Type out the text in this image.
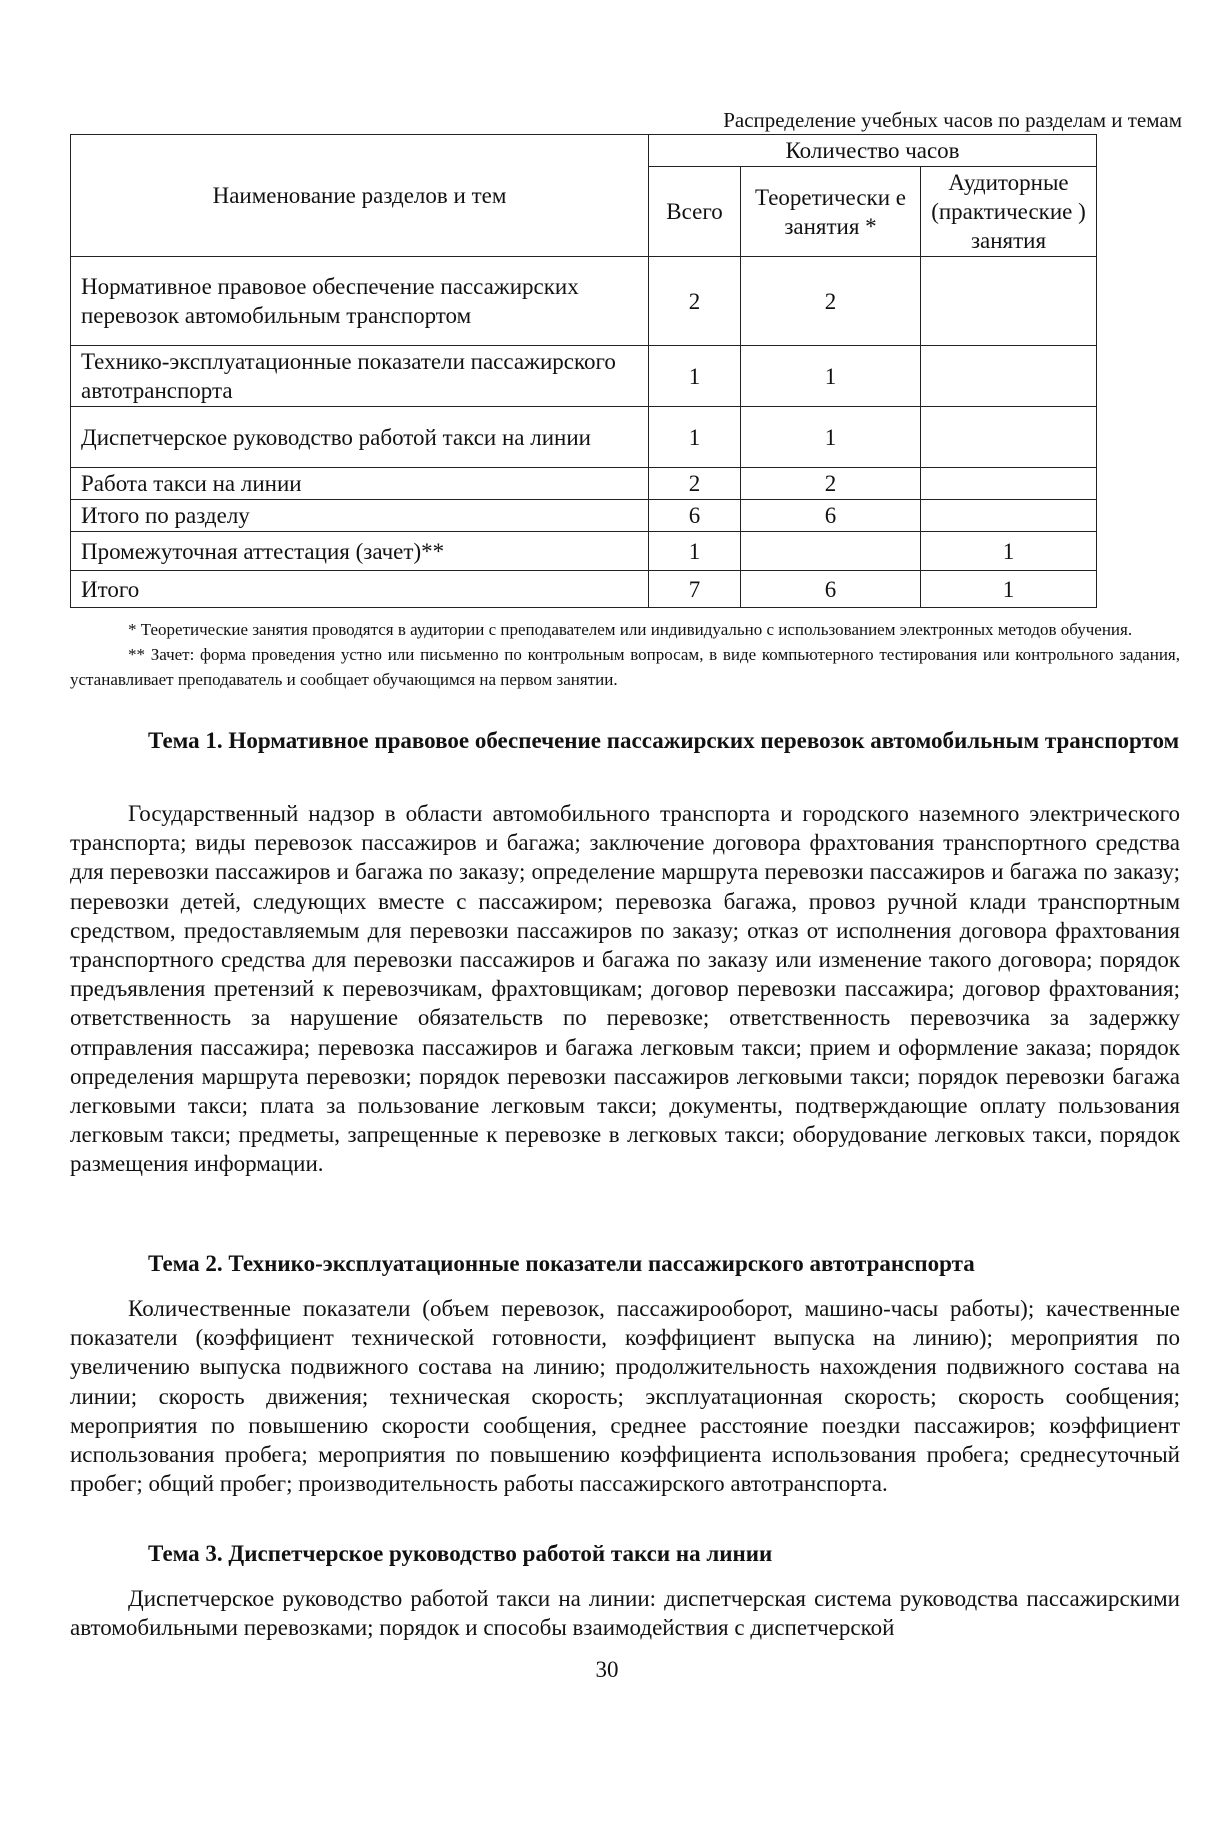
Распределение учебных часов по разделам и темам
Наименование разделов и тем	Количество часов		
	Всего	Теоретически е занятия *	Аудиторные (практические ) занятия
Нормативное правовое обеспечение пассажирских перевозок автомобильным транспортом	2	2	
Технико-эксплуатационные показатели пассажирского автотранспорта	1	1	
Диспетчерское руководство работой такси на линии	1	1	
Работа такси на линии	2	2	
Итого по разделу	6	6	
Промежуточная аттестация (зачет)**	1		1
Итого	7	6	1

* Теоретические занятия проводятся в аудитории с преподавателем или индивидуально с использованием электронных методов обучения.

** Зачет: форма проведения устно или письменно по контрольным вопросам, в виде компьютерного тестирования или контрольного задания, устанавливает преподаватель и сообщает обучающимся на первом занятии.

Тема 1. Нормативное правовое обеспечение пассажирских перевозок автомобильным транспортом

Государственный надзор в области автомобильного транспорта и городского наземного электрического транспорта; виды перевозок пассажиров и багажа; заключение договора фрахтования транспортного средства для перевозки пассажиров и багажа по заказу; определение маршрута перевозки пассажиров и багажа по заказу; перевозки детей, следующих вместе с пассажиром; перевозка багажа, провоз ручной клади транспортным средством, предоставляемым для перевозки пассажиров по заказу; отказ от исполнения договора фрахтования транспортного средства для перевозки пассажиров и багажа по заказу или изменение такого договора; порядок предъявления претензий к перевозчикам, фрахтовщикам; договор перевозки пассажира; договор фрахтования; ответственность за нарушение обязательств по перевозке; ответственность перевозчика за задержку отправления пассажира; перевозка пассажиров и багажа легковым такси; прием и оформление заказа; порядок определения маршрута перевозки; порядок перевозки пассажиров легковыми такси; порядок перевозки багажа легковыми такси; плата за пользование легковым такси; документы, подтверждающие оплату пользования легковым такси; предметы, запрещенные к перевозке в легковых такси; оборудование легковых такси, порядок размещения информации.

Тема 2. Технико-эксплуатационные показатели пассажирского автотранспорта

Количественные показатели (объем перевозок, пассажирооборот, машино-часы работы); качественные показатели (коэффициент технической готовности, коэффициент выпуска на линию); мероприятия по увеличению выпуска подвижного состава на линию; продолжительность нахождения подвижного состава на линии; скорость движения; техническая скорость; эксплуатационная скорость; скорость сообщения; мероприятия по повышению скорости сообщения, среднее расстояние поездки пассажиров; коэффициент использования пробега; мероприятия по повышению коэффициента использования пробега; среднесуточный пробег; общий пробег; производительность работы пассажирского автотранспорта.

Тема 3. Диспетчерское руководство работой такси на линии

Диспетчерское руководство работой такси на линии: диспетчерская система руководства пассажирскими автомобильными перевозками; порядок и способы взаимодействия с диспетчерской

30
